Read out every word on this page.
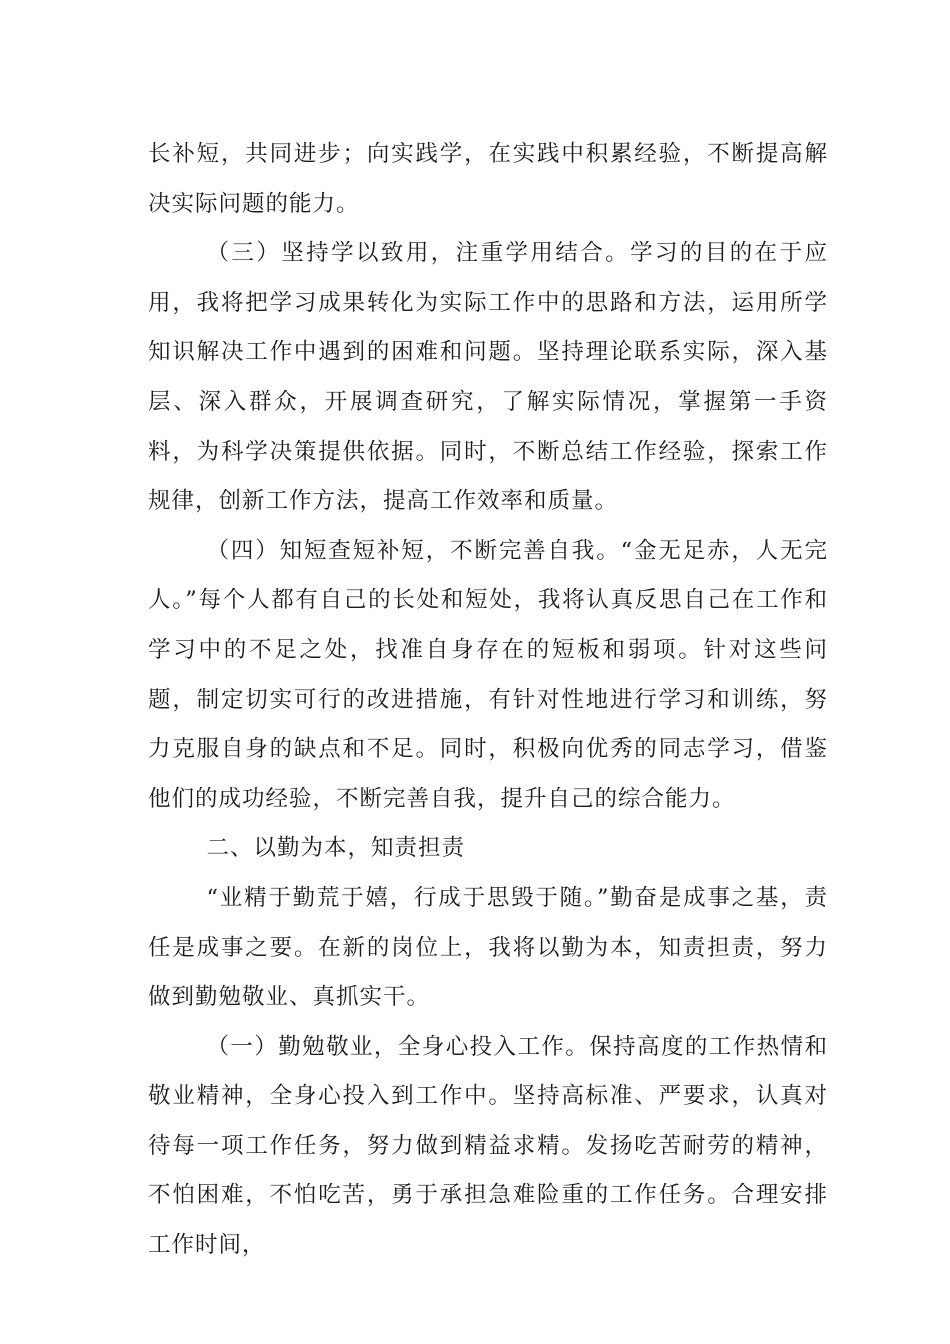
长补短，共同进步；向实践学，在实践中积累经验，不断提高解决实际问题的能力。

（三）坚持学以致用，注重学用结合。学习的目的在于应用，我将把学习成果转化为实际工作中的思路和方法，运用所学知识解决工作中遇到的困难和问题。坚持理论联系实际，深入基层、深入群众，开展调查研究，了解实际情况，掌握第一手资料，为科学决策提供依据。同时，不断总结工作经验，探索工作规律，创新工作方法，提高工作效率和质量。

（四）知短查短补短，不断完善自我。“金无足赤，人无完人。”每个人都有自己的长处和短处，我将认真反思自己在工作和学习中的不足之处，找准自身存在的短板和弱项。针对这些问题，制定切实可行的改进措施，有针对性地进行学习和训练，努力克服自身的缺点和不足。同时，积极向优秀的同志学习，借鉴他们的成功经验，不断完善自我，提升自己的综合能力。

二、以勤为本，知责担责

“业精于勤荒于嬉，行成于思毁于随。”勤奋是成事之基，责任是成事之要。在新的岗位上，我将以勤为本，知责担责，努力做到勤勉敬业、真抓实干。

（一）勤勉敬业，全身心投入工作。保持高度的工作热情和敬业精神，全身心投入到工作中。坚持高标准、严要求，认真对待每一项工作任务，努力做到精益求精。发扬吃苦耐劳的精神，不怕困难，不怕吃苦，勇于承担急难险重的工作任务。合理安排工作时间，
